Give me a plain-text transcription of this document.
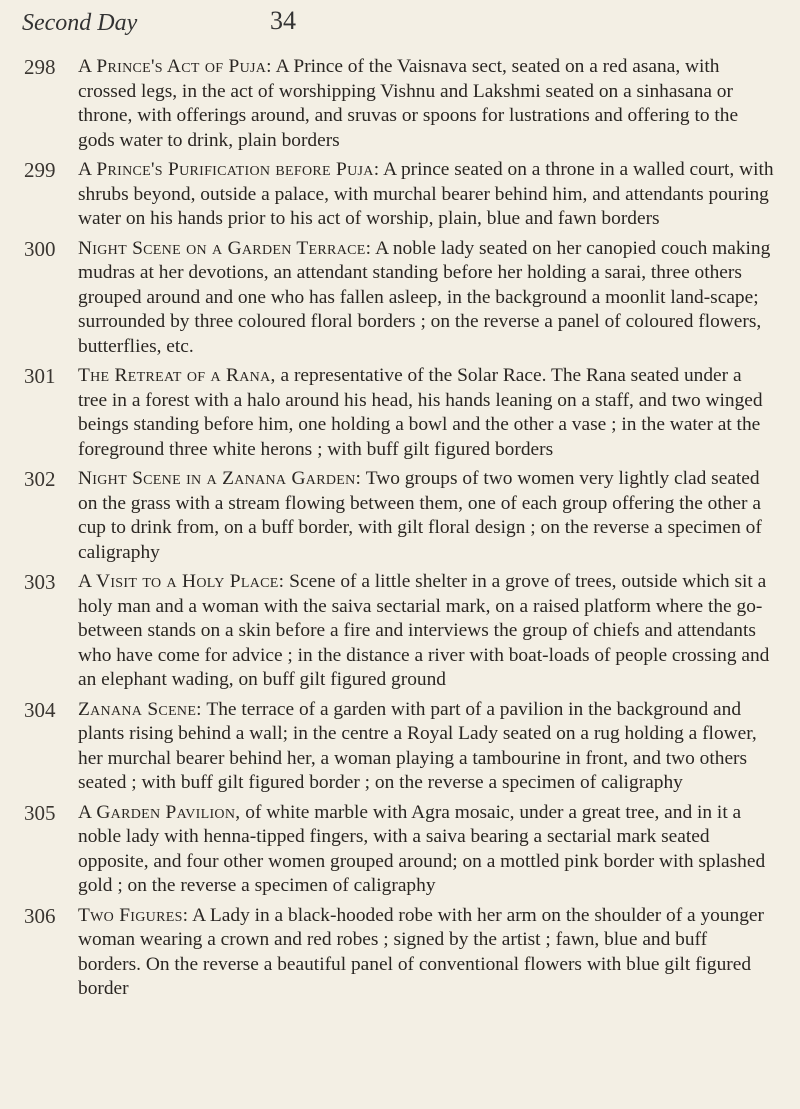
Second Day	34
298	A Prince's Act of Puja: A Prince of the Vaisnava sect, seated on a red asana, with crossed legs, in the act of worshipping Vishnu and Lakshmi seated on a sinhasana or throne, with offerings around, and sruvas or spoons for lustrations and offering to the gods water to drink, plain borders
299	A Prince's Purification before Puja: A prince seated on a throne in a walled court, with shrubs beyond, outside a palace, with murchal bearer behind him, and attendants pouring water on his hands prior to his act of worship, plain, blue and fawn borders
300	Night Scene on a Garden Terrace: A noble lady seated on her canopied couch making mudras at her devotions, an attendant standing before her holding a sarai, three others grouped around and one who has fallen asleep, in the background a moonlit land-scape; surrounded by three coloured floral borders ; on the reverse a panel of coloured flowers, butterflies, etc.
301	The Retreat of a Rana, a representative of the Solar Race. The Rana seated under a tree in a forest with a halo around his head, his hands leaning on a staff, and two winged beings standing before him, one holding a bowl and the other a vase ; in the water at the foreground three white herons ; with buff gilt figured borders
302	Night Scene in a Zanana Garden: Two groups of two women very lightly clad seated on the grass with a stream flowing between them, one of each group offering the other a cup to drink from, on a buff border, with gilt floral design ; on the reverse a specimen of caligraphy
303	A Visit to a Holy Place: Scene of a little shelter in a grove of trees, outside which sit a holy man and a woman with the saiva sectarial mark, on a raised platform where the go-between stands on a skin before a fire and interviews the group of chiefs and attendants who have come for advice ; in the distance a river with boat-loads of people crossing and an elephant wading, on buff gilt figured ground
304	Zanana Scene: The terrace of a garden with part of a pavilion in the background and plants rising behind a wall; in the centre a Royal Lady seated on a rug holding a flower, her murchal bearer behind her, a woman playing a tambourine in front, and two others seated ; with buff gilt figured border ; on the reverse a specimen of caligraphy
305	A Garden Pavilion, of white marble with Agra mosaic, under a great tree, and in it a noble lady with henna-tipped fingers, with a saiva bearing a sectarial mark seated opposite, and four other women grouped around; on a mottled pink border with splashed gold ; on the reverse a specimen of caligraphy
306	Two Figures: A Lady in a black-hooded robe with her arm on the shoulder of a younger woman wearing a crown and red robes ; signed by the artist ; fawn, blue and buff borders. On the reverse a beautiful panel of conventional flowers with blue gilt figured border
